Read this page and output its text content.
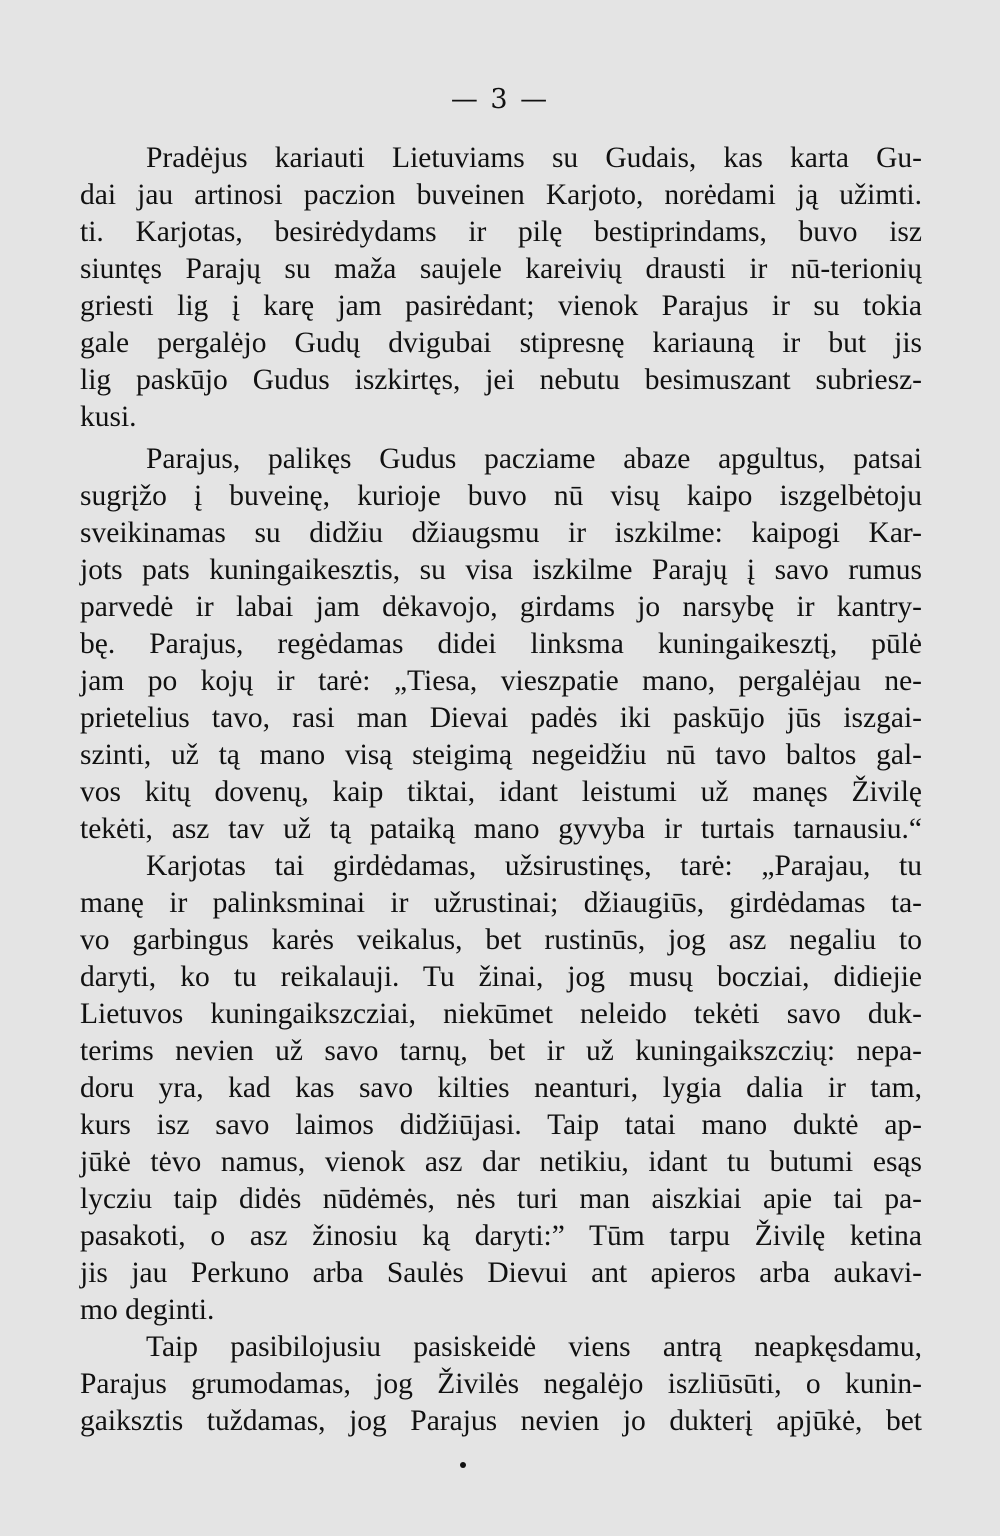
— 3 —
Pradėjus kariauti Lietuviams su Gudais, kas karta Gu-
dai jau artinosi paczion buveinen Karjoto, norėdami ją užimti.
ti. Karjotas, besirėdydams ir pilę bestiprindams, buvo isz
siuntęs Parajų su maža saujele kareivių drausti ir nū-terionių
griesti lig į karę jam pasirėdant; vienok Parajus ir su tokia
gale pergalėjo Gudų dvigubai stipresnę kariauną ir but jis
lig paskūjo Gudus iszkirtęs, jei nebutu besimuszant subriesz-
kusi.
Parajus, palikęs Gudus pacziame abaze apgultus, patsai
sugrįžo į buveinę, kurioje buvo nū visų kaipo iszgelbėtoju
sveikinamas su didžiu džiaugsmu ir iszkilme: kaipogi Kar-
jots pats kuningaikesztis, su visa iszkilme Parajų į savo rumus
parvedė ir labai jam dėkavojo, girdams jo narsybę ir kantry-
bę. Parajus, regėdamas didei linksma kuningaikesztį, pūlė
jam po kojų ir tarė: „Tiesa, vieszpatie mano, pergalėjau ne-
prietelius tavo, rasi man Dievai padės iki paskūjo jūs iszgai-
szinti, už tą mano visą steigimą negeidžiu nū tavo baltos gal-
vos kitų dovenų, kaip tiktai, idant leistumi už manęs Živilę
tekėti, asz tav už tą pataiką mano gyvyba ir turtais tarnausiu.“
Karjotas tai girdėdamas, užsirustinęs, tarė: „Parajau, tu
manę ir palinksminai ir užrustinai; džiaugiūs, girdėdamas ta-
vo garbingus karės veikalus, bet rustinūs, jog asz negaliu to
daryti, ko tu reikalauji. Tu žinai, jog musų bocziai, didiejie
Lietuvos kuningaikszcziai, niekūmet neleido tekėti savo duk-
terims nevien už savo tarnų, bet ir už kuningaikszczių: nepa-
doru yra, kad kas savo kilties neanturi, lygia dalia ir tam,
kurs isz savo laimos didžiūjasi. Taip tatai mano duktė ap-
jūkė tėvo namus, vienok asz dar netikiu, idant tu butumi esąs
lycziu taip didės nūdėmės, nės turi man aiszkiai apie tai pa-
pasakoti, o asz žinosiu ką daryti:” Tūm tarpu Živilę ketina
jis jau Perkuno arba Saulės Dievui ant apieros arba aukavi-
mo deginti.
Taip pasibilojusiu pasiskeidė viens antrą neapkęsdamu,
Parajus grumodamas, jog Živilės negalėjo iszliūsūti, o kunin-
gaiksztis tuždamas, jog Parajus nevien jo dukterį apjūkė, bet
